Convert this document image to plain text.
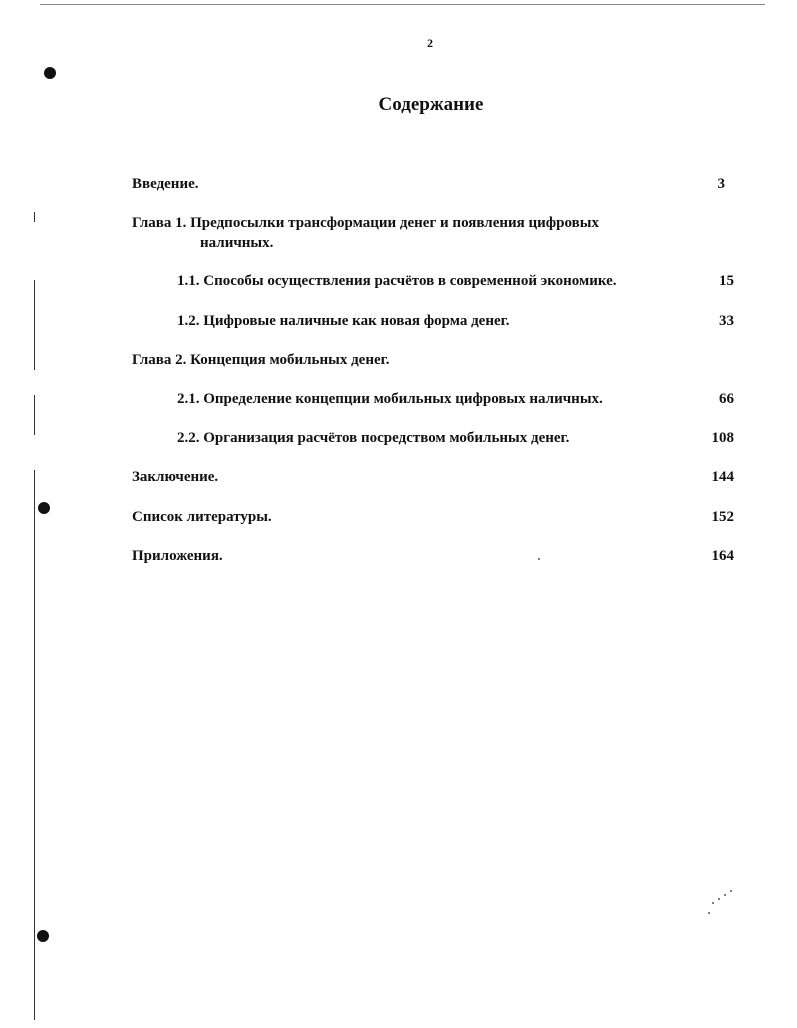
2
Содержание
Введение.	3
Глава 1. Предпосылки трансформации денег и появления цифровых
наличных.
1.1. Способы осуществления расчётов в современной экономике.	15
1.2. Цифровые наличные как новая форма денег.	33
Глава 2. Концепция мобильных денег.
2.1. Определение концепции мобильных цифровых наличных.	66
2.2. Организация расчётов посредством мобильных денег.	108
Заключение.	144
Список литературы.	152
Приложения.	164
